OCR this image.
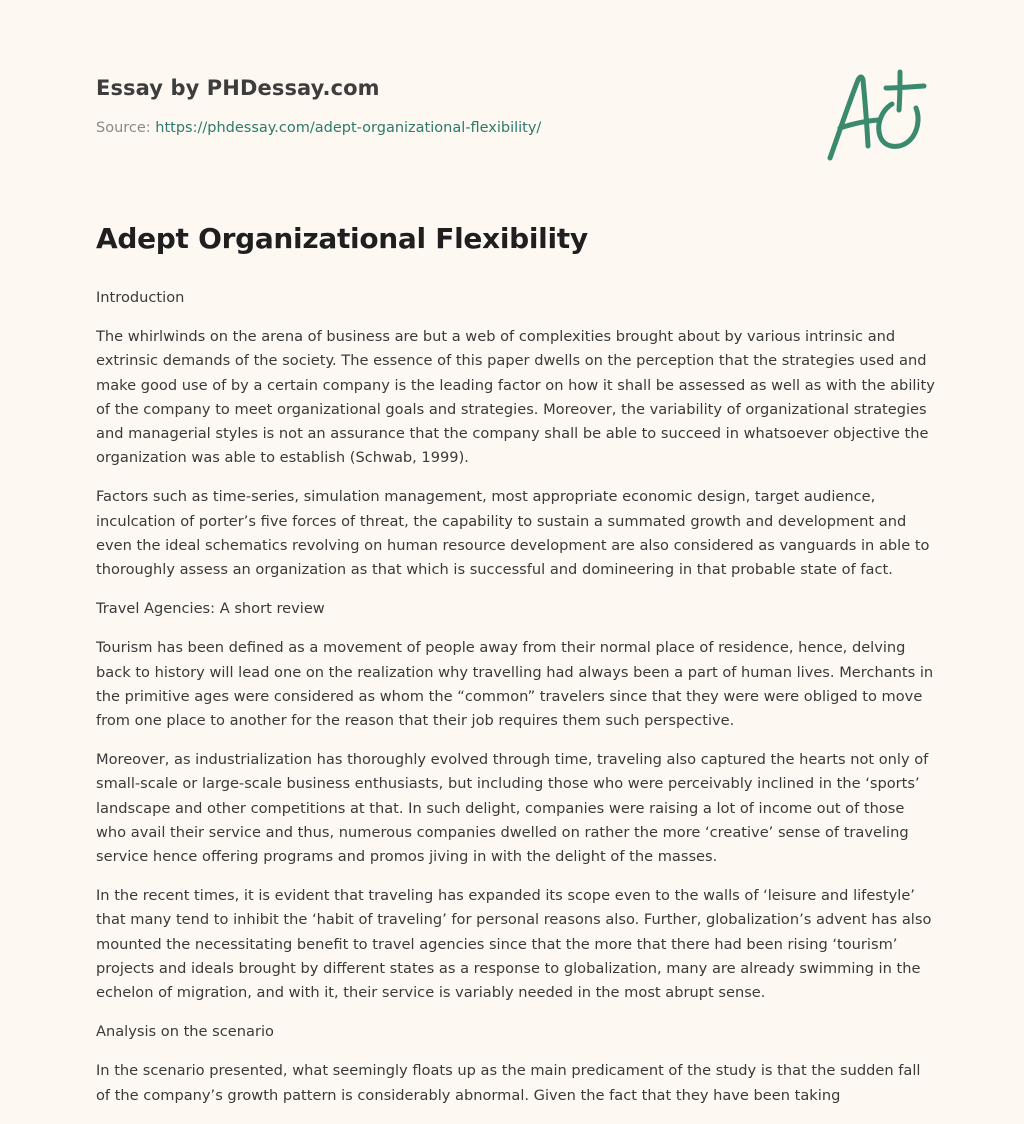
Essay by PHDessay.com
Source: https://phdessay.com/adept-organizational-flexibility/
Adept Organizational Flexibility

Introduction

The whirlwinds on the arena of business are but a web of complexities brought about by various intrinsic and extrinsic demands of the society. The essence of this paper dwells on the perception that the strategies used and make good use of by a certain company is the leading factor on how it shall be assessed as well as with the ability of the company to meet organizational goals and strategies. Moreover, the variability of organizational strategies and managerial styles is not an assurance that the company shall be able to succeed in whatsoever objective the organization was able to establish (Schwab, 1999).

Factors such as time-series, simulation management, most appropriate economic design, target audience, inculcation of porter’s five forces of threat, the capability to sustain a summated growth and development and even the ideal schematics revolving on human resource development are also considered as vanguards in able to thoroughly assess an organization as that which is successful and domineering in that probable state of fact.

Travel Agencies: A short review

Tourism has been defined as a movement of people away from their normal place of residence, hence, delving back to history will lead one on the realization why travelling had always been a part of human lives. Merchants in the primitive ages were considered as whom the “common” travelers since that they were were obliged to move from one place to another for the reason that their job requires them such perspective.

Moreover, as industrialization has thoroughly evolved through time, traveling also captured the hearts not only of small-scale or large-scale business enthusiasts, but including those who were perceivably inclined in the ‘sports’ landscape and other competitions at that. In such delight, companies were raising a lot of income out of those who avail their service and thus, numerous companies dwelled on rather the more ‘creative’ sense of traveling service hence offering programs and promos jiving in with the delight of the masses.

In the recent times, it is evident that traveling has expanded its scope even to the walls of ‘leisure and lifestyle’ that many tend to inhibit the ‘habit of traveling’ for personal reasons also. Further, globalization’s advent has also mounted the necessitating benefit to travel agencies since that the more that there had been rising ‘tourism’ projects and ideals brought by different states as a response to globalization, many are already swimming in the echelon of migration, and with it, their service is variably needed in the most abrupt sense.

Analysis on the scenario

In the scenario presented, what seemingly floats up as the main predicament of the study is that the sudden fall of the company’s growth pattern is considerably abnormal. Given the fact that they have been taking
